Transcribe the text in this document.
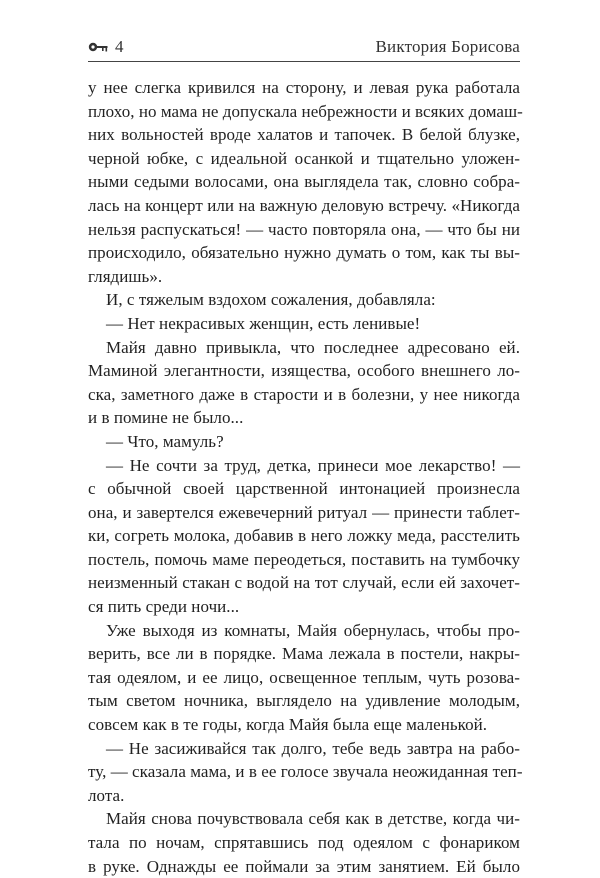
4	Виктория Борисова
у нее слегка кривился на сторону, и левая рука работала
плохо, но мама не допускала небрежности и всяких домаш-
них вольностей вроде халатов и тапочек. В белой блузке,
черной юбке, с идеальной осанкой и тщательно уложен-
ными седыми волосами, она выглядела так, словно собра-
лась на концерт или на важную деловую встречу. «Никогда
нельзя распускаться! — часто повторяла она, — что бы ни
происходило, обязательно нужно думать о том, как ты вы-
глядишь».
И, с тяжелым вздохом сожаления, добавляла:
— Нет некрасивых женщин, есть ленивые!
Майя давно привыкла, что последнее адресовано ей.
Маминой элегантности, изящества, особого внешнего ло-
ска, заметного даже в старости и в болезни, у нее никогда
и в помине не было...
— Что, мамуль?
— Не сочти за труд, детка, принеси мое лекарство! —
с обычной своей царственной интонацией произнесла
она, и завертелся ежевечерний ритуал — принести таблет-
ки, согреть молока, добавив в него ложку меда, расстелить
постель, помочь маме переодеться, поставить на тумбочку
неизменный стакан с водой на тот случай, если ей захочет-
ся пить среди ночи...
Уже выходя из комнаты, Майя обернулась, чтобы про-
верить, все ли в порядке. Мама лежала в постели, накры-
тая одеялом, и ее лицо, освещенное теплым, чуть розова-
тым светом ночника, выглядело на удивление молодым,
совсем как в те годы, когда Майя была еще маленькой.
— Не засиживайся так долго, тебе ведь завтра на рабо-
ту, — сказала мама, и в ее голосе звучала неожиданная теп-
лота.
Майя снова почувствовала себя как в детстве, когда чи-
тала по ночам, спрятавшись под одеялом с фонариком
в руке. Однажды ее поймали за этим занятием. Ей было
